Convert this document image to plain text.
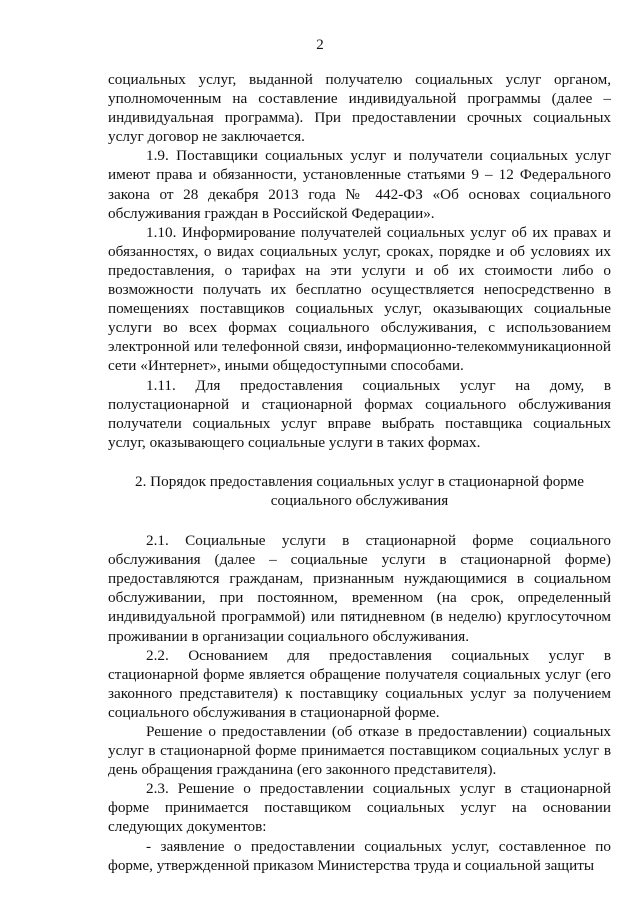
2

социальных услуг, выданной получателю социальных услуг органом, уполномоченным на составление индивидуальной программы (далее – индивидуальная программа). При предоставлении срочных социальных услуг договор не заключается.

1.9. Поставщики социальных услуг и получатели социальных услуг имеют права и обязанности, установленные статьями 9 – 12 Федерального закона от 28 декабря 2013 года № 442-ФЗ «Об основах социального обслуживания граждан в Российской Федерации».

1.10. Информирование получателей социальных услуг об их правах и обязанностях, о видах социальных услуг, сроках, порядке и об условиях их предоставления, о тарифах на эти услуги и об их стоимости либо о возможности получать их бесплатно осуществляется непосредственно в помещениях поставщиков социальных услуг, оказывающих социальные услуги во всех формах социального обслуживания, с использованием электронной или телефонной связи, информационно-телекоммуникационной сети «Интернет», иными общедоступными способами.

1.11. Для предоставления социальных услуг на дому, в полустационарной и стационарной формах социального обслуживания получатели социальных услуг вправе выбрать поставщика социальных услуг, оказывающего социальные услуги в таких формах.

2. Порядок предоставления социальных услуг в стационарной форме
социального обслуживания

2.1. Социальные услуги в стационарной форме социального обслуживания (далее – социальные услуги в стационарной форме) предоставляются гражданам, признанным нуждающимися в социальном обслуживании, при постоянном, временном (на срок, определенный индивидуальной программой) или пятидневном (в неделю) круглосуточном проживании в организации социального обслуживания.

2.2. Основанием для предоставления социальных услуг в стационарной форме является обращение получателя социальных услуг (его законного представителя) к поставщику социальных услуг за получением социального обслуживания в стационарной форме.

Решение о предоставлении (об отказе в предоставлении) социальных услуг в стационарной форме принимается поставщиком социальных услуг в день обращения гражданина (его законного представителя).

2.3. Решение о предоставлении социальных услуг в стационарной форме принимается поставщиком социальных услуг на основании следующих документов:

- заявление о предоставлении социальных услуг, составленное по форме, утвержденной приказом Министерства труда и социальной защиты
